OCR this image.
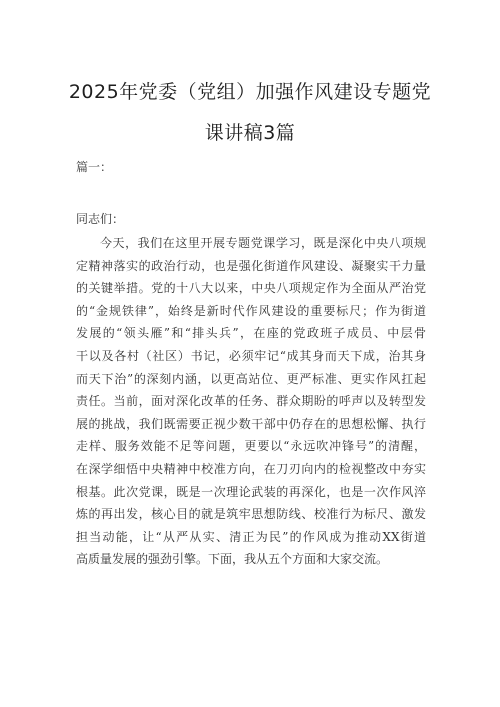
2025年党委（党组）加强作风建设专题党
课讲稿3篇
篇一：
同志们：
今天，我们在这里开展专题党课学习，既是深化中央八项规
定精神落实的政治行动，也是强化街道作风建设、凝聚实干力量
的关键举措。党的十八大以来，中央八项规定作为全面从严治党
的“金规铁律”，始终是新时代作风建设的重要标尺；作为街道
发展的“领头雁”和“排头兵”，在座的党政班子成员、中层骨
干以及各村（社区）书记，必须牢记“成其身而天下成，治其身
而天下治”的深刻内涵，以更高站位、更严标准、更实作风扛起
责任。当前，面对深化改革的任务、群众期盼的呼声以及转型发
展的挑战，我们既需要正视少数干部中仍存在的思想松懈、执行
走样、服务效能不足等问题，更要以“永远吹冲锋号”的清醒，
在深学细悟中央精神中校准方向，在刀刃向内的检视整改中夯实
根基。此次党课，既是一次理论武装的再深化，也是一次作风淬
炼的再出发，核心目的就是筑牢思想防线、校准行为标尺、激发
担当动能，让“从严从实、清正为民”的作风成为推动XX街道
高质量发展的强劲引擎。下面，我从五个方面和大家交流。
